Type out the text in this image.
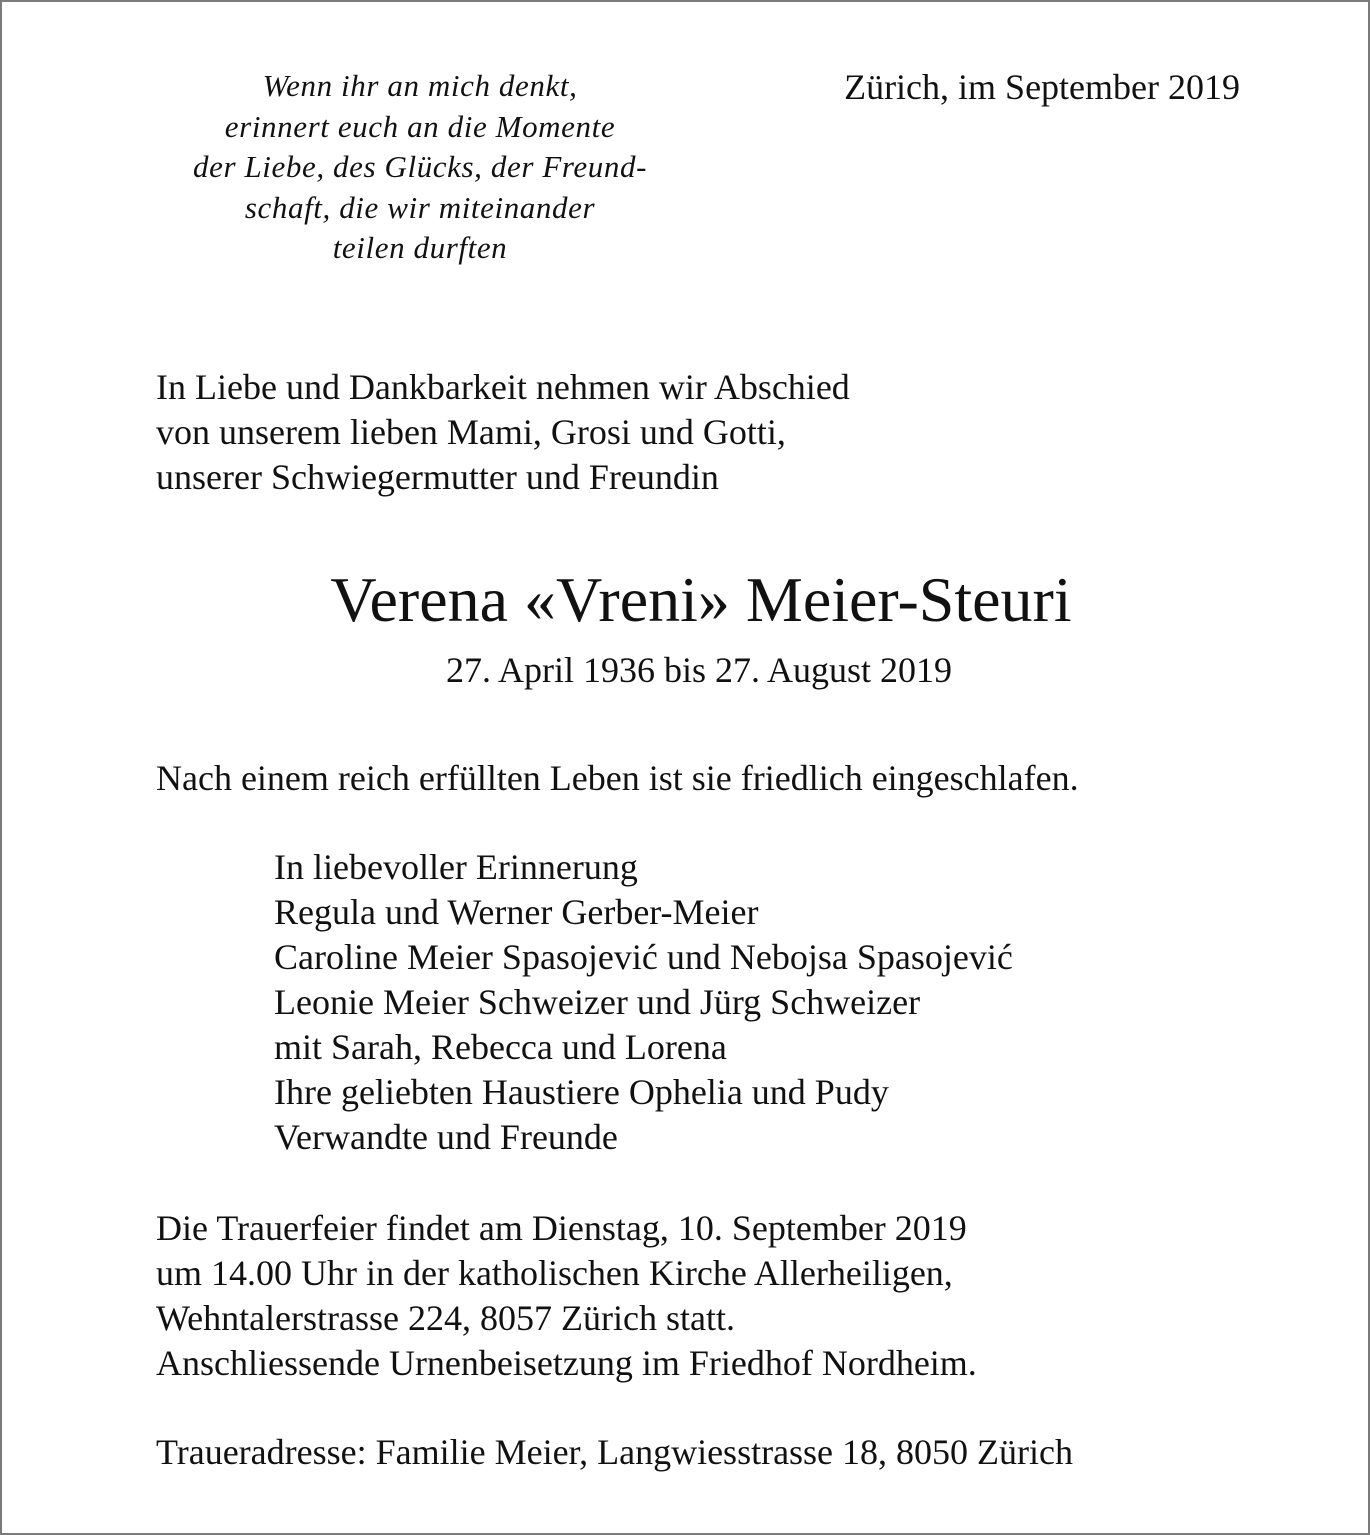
Wenn ihr an mich denkt,
erinnert euch an die Momente
der Liebe, des Glücks, der Freund-
schaft, die wir miteinander
teilen durften
Zürich, im September 2019
In Liebe und Dankbarkeit nehmen wir Abschied
von unserem lieben Mami, Grosi und Gotti,
unserer Schwiegermutter und Freundin
Verena «Vreni» Meier-Steuri
27. April 1936 bis 27. August 2019
Nach einem reich erfüllten Leben ist sie friedlich eingeschlafen.
In liebevoller Erinnerung
Regula und Werner Gerber-Meier
Caroline Meier Spasojević und Nebojsa Spasojević
Leonie Meier Schweizer und Jürg Schweizer
mit Sarah, Rebecca und Lorena
Ihre geliebten Haustiere Ophelia und Pudy
Verwandte und Freunde
Die Trauerfeier findet am Dienstag, 10. September 2019
um 14.00 Uhr in der katholischen Kirche Allerheiligen,
Wehntalerstrasse 224, 8057 Zürich statt.
Anschliessende Urnenbeisetzung im Friedhof Nordheim.
Traueradresse: Familie Meier, Langwiesstrasse 18, 8050 Zürich
